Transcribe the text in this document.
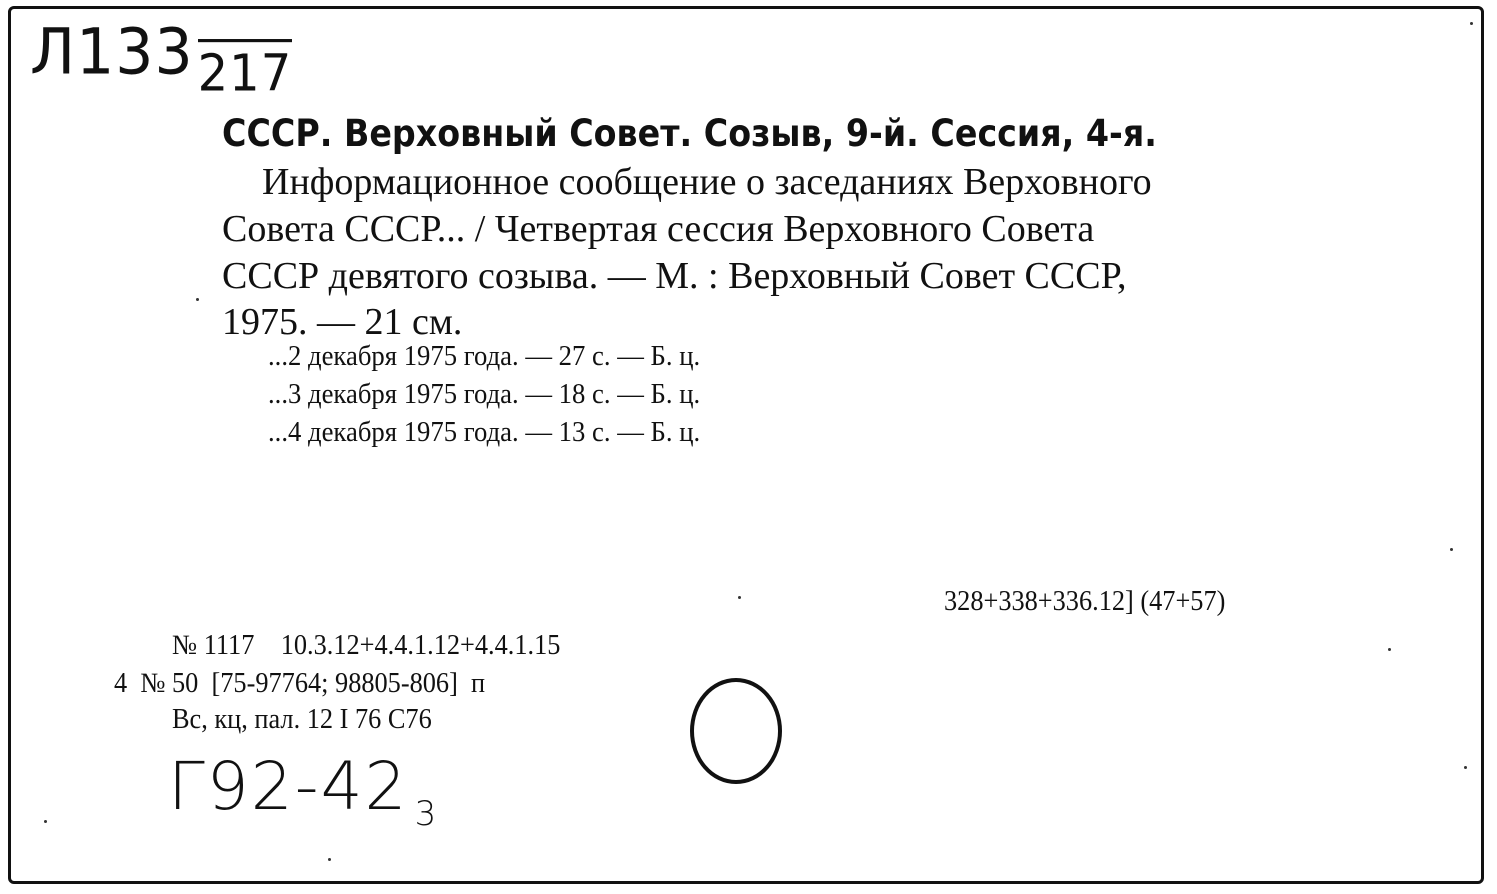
Л133217
СССР. Верховный Совет. Созыв, 9-й. Сессия, 4-я.
Информационное сообщение о заседаниях Верховного
Совета СССР... / Четвертая сессия Верховного Совета
СССР девятого созыва. — М. : Верховный Совет СССР,
1975. — 21 см.
...2 декабря 1975 года. — 27 с. — Б. ц.
...3 декабря 1975 года. — 18 с. — Б. ц.
...4 декабря 1975 года. — 13 с. — Б. ц.
328+338+336.12] (47+57)
№ 1117    10.3.12+4.4.1.12+4.4.1.15
4  № 50  [75-97764; 98805-806]  п
Вс, кц, пал. 12 I 76 С76
Г92-42 $_3$
